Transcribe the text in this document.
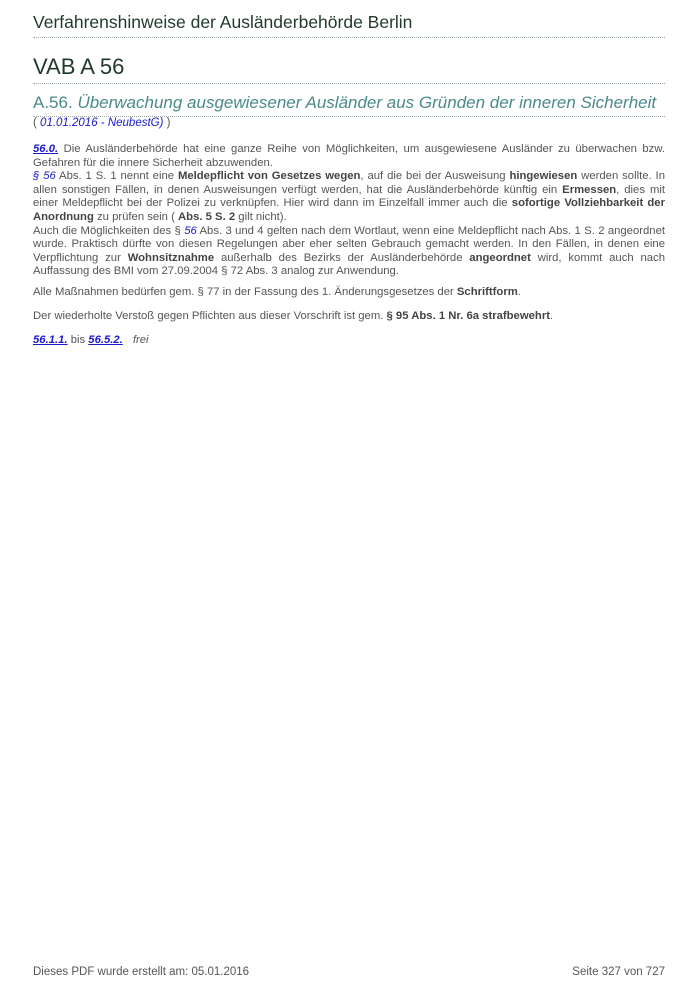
Verfahrenshinweise der Ausländerbehörde Berlin
VAB A 56
A.56. Überwachung ausgewiesener Ausländer aus Gründen der inneren Sicherheit
( 01.01.2016 - NeubestG) )

56.0. Die Ausländerbehörde hat eine ganze Reihe von Möglichkeiten, um ausgewiesene Ausländer zu überwachen bzw. Gefahren für die innere Sicherheit abzuwenden.

§ 56 Abs. 1 S. 1 nennt eine Meldepflicht von Gesetzes wegen, auf die bei der Ausweisung hingewiesen werden sollte. In allen sonstigen Fällen, in denen Ausweisungen verfügt werden, hat die Ausländerbehörde künftig ein Ermessen, dies mit einer Meldepflicht bei der Polizei zu verknüpfen. Hier wird dann im Einzelfall immer auch die sofortige Vollziehbarkeit der Anordnung zu prüfen sein ( Abs. 5 S. 2 gilt nicht).

Auch die Möglichkeiten des § 56 Abs. 3 und 4 gelten nach dem Wortlaut, wenn eine Meldepflicht nach Abs. 1 S. 2 angeordnet wurde. Praktisch dürfte von diesen Regelungen aber eher selten Gebrauch gemacht werden. In den Fällen, in denen eine Verpflichtung zur Wohnsitznahme außerhalb des Bezirks der Ausländerbehörde angeordnet wird, kommt auch nach Auffassung des BMI vom 27.09.2004 § 72 Abs. 3 analog zur Anwendung.

Alle Maßnahmen bedürfen gem. § 77 in der Fassung des 1. Änderungsgesetzes der Schriftform.

Der wiederholte Verstoß gegen Pflichten aus dieser Vorschrift ist gem. § 95 Abs. 1 Nr. 6a strafbewehrt.

56.1.1. bis 56.5.2. frei

Dieses PDF wurde erstellt am: 05.01.2016	Seite 327 von 727
